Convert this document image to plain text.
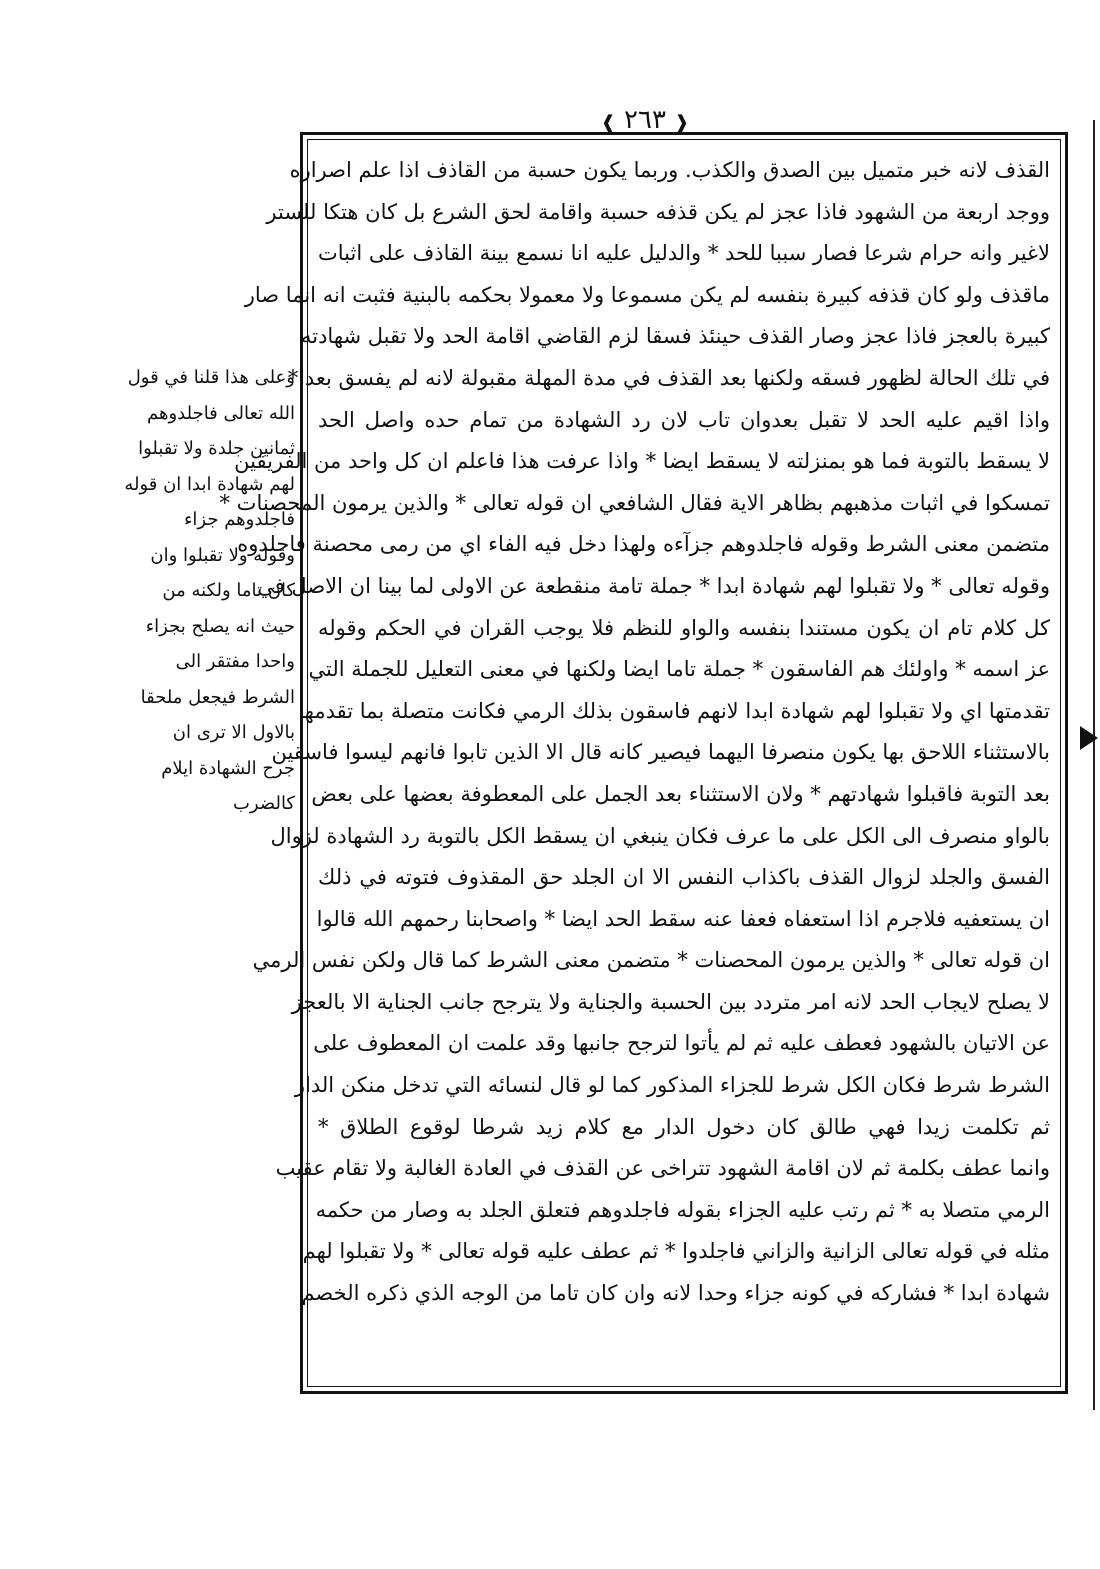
❰ ٢٦٣ ❱
القذف لانه خبر متميل بين الصدق والكذب. وربما يكون حسبة من القاذف اذا علم اصراره
ووجد اربعة من الشهود فاذا عجز لم يكن قذفه حسبة واقامة لحق الشرع بل كان هتكا للستر
لاغير وانه حرام شرعا فصار سببا للحد * والدليل عليه انا نسمع بينة القاذف على اثبات
ماقذف ولو كان قذفه كبيرة بنفسه لم يكن مسموعا ولا معمولا بحكمه بالبنية فثبت انه انما صار
كبيرة بالعجز فاذا عجز وصار القذف حينئذ فسقا لزم القاضي اقامة الحد ولا تقبل شهادته
في تلك الحالة لظهور فسقه ولكنها بعد القذف في مدة المهلة مقبولة لانه لم يفسق بعد *
واذا اقيم عليه الحد لا تقبل بعدوان تاب لان رد الشهادة من تمام حده واصل الحد
لا يسقط بالتوبة فما هو بمنزلته لا يسقط ايضا * واذا عرفت هذا فاعلم ان كل واحد من الفريقين
تمسكوا في اثبات مذهبهم بظاهر الاية فقال الشافعي ان قوله تعالى * والذين يرمون المحصنات *
متضمن معنى الشرط وقوله فاجلدوهم جزآءه ولهذا دخل فيه الفاء اي من رمى محصنة فاجلدوه
وقوله تعالى * ولا تقبلوا لهم شهادة ابدا * جملة تامة منقطعة عن الاولى لما بينا ان الاصل في
كل كلام تام ان يكون مستندا بنفسه والواو للنظم فلا يوجب القران في الحكم وقوله
عز اسمه * واولئك هم الفاسقون * جملة تاما ايضا ولكنها في معنى التعليل للجملة التي
تقدمتها اي ولا تقبلوا لهم شهادة ابدا لانهم فاسقون بذلك الرمي فكانت متصلة بما تقدمها
بالاستثناء اللاحق بها يكون منصرفا اليهما فيصير كانه قال الا الذين تابوا فانهم ليسوا فاسقين
بعد التوبة فاقبلوا شهادتهم * ولان الاستثناء بعد الجمل على المعطوفة بعضها على بعض
بالواو منصرف الى الكل على ما عرف فكان ينبغي ان يسقط الكل بالتوبة رد الشهادة لزوال
الفسق والجلد لزوال القذف باكذاب النفس الا ان الجلد حق المقذوف فتوته في ذلك
ان يستعفيه فلاجرم اذا استعفاه فعفا عنه سقط الحد ايضا * واصحابنا رحمهم الله قالوا
ان قوله تعالى * والذين يرمون المحصنات * متضمن معنى الشرط كما قال ولكن نفس الرمي
لا يصلح لايجاب الحد لانه امر متردد بين الحسبة والجناية ولا يترجح جانب الجناية الا بالعجز
عن الاتيان بالشهود فعطف عليه ثم لم يأتوا لترجح جانبها وقد علمت ان المعطوف على
الشرط شرط فكان الكل شرط للجزاء المذكور كما لو قال لنسائه التي تدخل منكن الدار
ثم تكلمت زيدا فهي طالق كان دخول الدار مع كلام زيد شرطا لوقوع الطلاق *
وانما عطف بكلمة ثم لان اقامة الشهود تتراخى عن القذف في العادة الغالبة ولا تقام عقيب
الرمي متصلا به * ثم رتب عليه الجزاء بقوله فاجلدوهم فتعلق الجلد به وصار من حكمه
مثله في قوله تعالى الزانية والزاني فاجلدوا * ثم عطف عليه قوله تعالى * ولا تقبلوا لهم
شهادة ابدا * فشاركه في كونه جزاء وحدا لانه وان كان تاما من الوجه الذي ذكره الخصم
وعلى هذا قلنا في قول
الله تعالى فاجلدوهم
ثمانين جلدة ولا تقبلوا
لهم شهادة ابدا ان قوله
فاجلدوهم جزاء
وقوله ولا تقبلوا وان
كان تاما ولكنه من
حيث انه يصلح بجزاء
واحدا مفتقر الى
الشرط فيجعل ملحقا
بالاول الا ترى ان
جرح الشهادة ايلام
كالضرب
